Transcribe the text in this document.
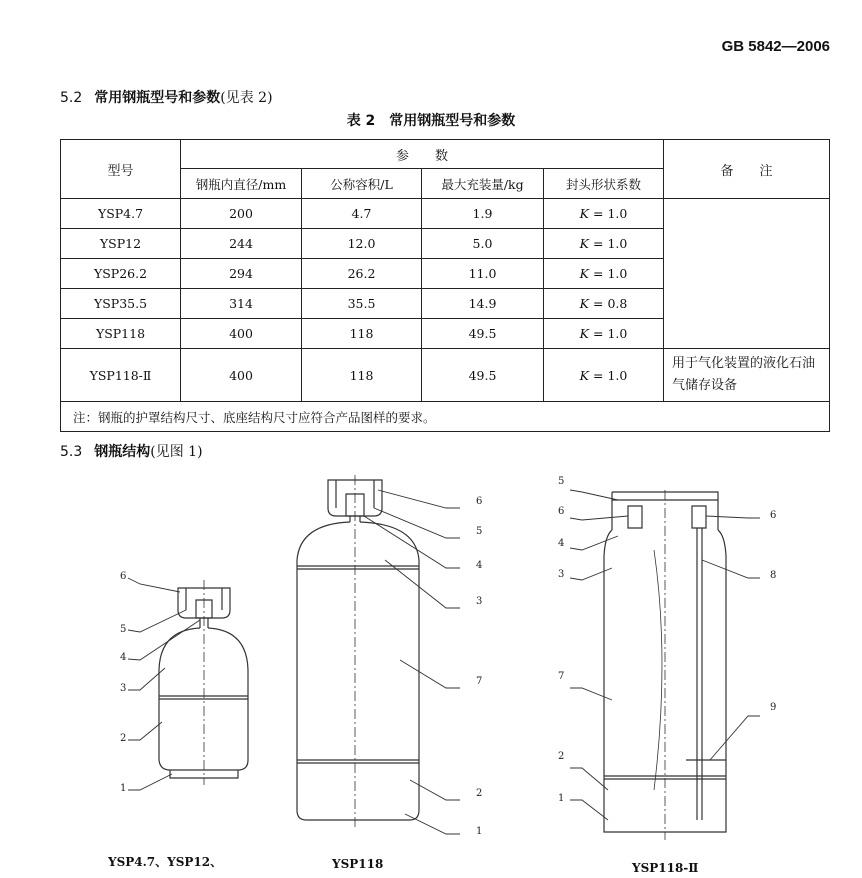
GB 5842—2006
5.2 常用钢瓶型号和参数(见表 2)
表 2　常用钢瓶型号和参数
型号	参　　数				备　　注
	钢瓶内直径/mm	公称容积/L	最大充装量/kg	封头形状系数	
YSP4.7	200	4.7	1.9	K = 1.0	
YSP12	244	12.0	5.0	K = 1.0	
YSP26.2	294	26.2	11.0	K = 1.0	
YSP35.5	314	35.5	14.9	K = 0.8	
YSP118	400	118	49.5	K = 1.0	
YSP118-Ⅱ	400	118	49.5	K = 1.0	用于气化装置的液化石油气储存设备
注：钢瓶的护罩结构尺寸、底座结构尺寸应符合产品图样的要求。					
5.3 钢瓶结构(见图 1)
6
5
4
3
2
1
6
5
4
3
7
2
1
5
6
4
3
7
2
1
6
8
9
YSP4.7、YSP12、	YSP118	YSP118-Ⅱ
